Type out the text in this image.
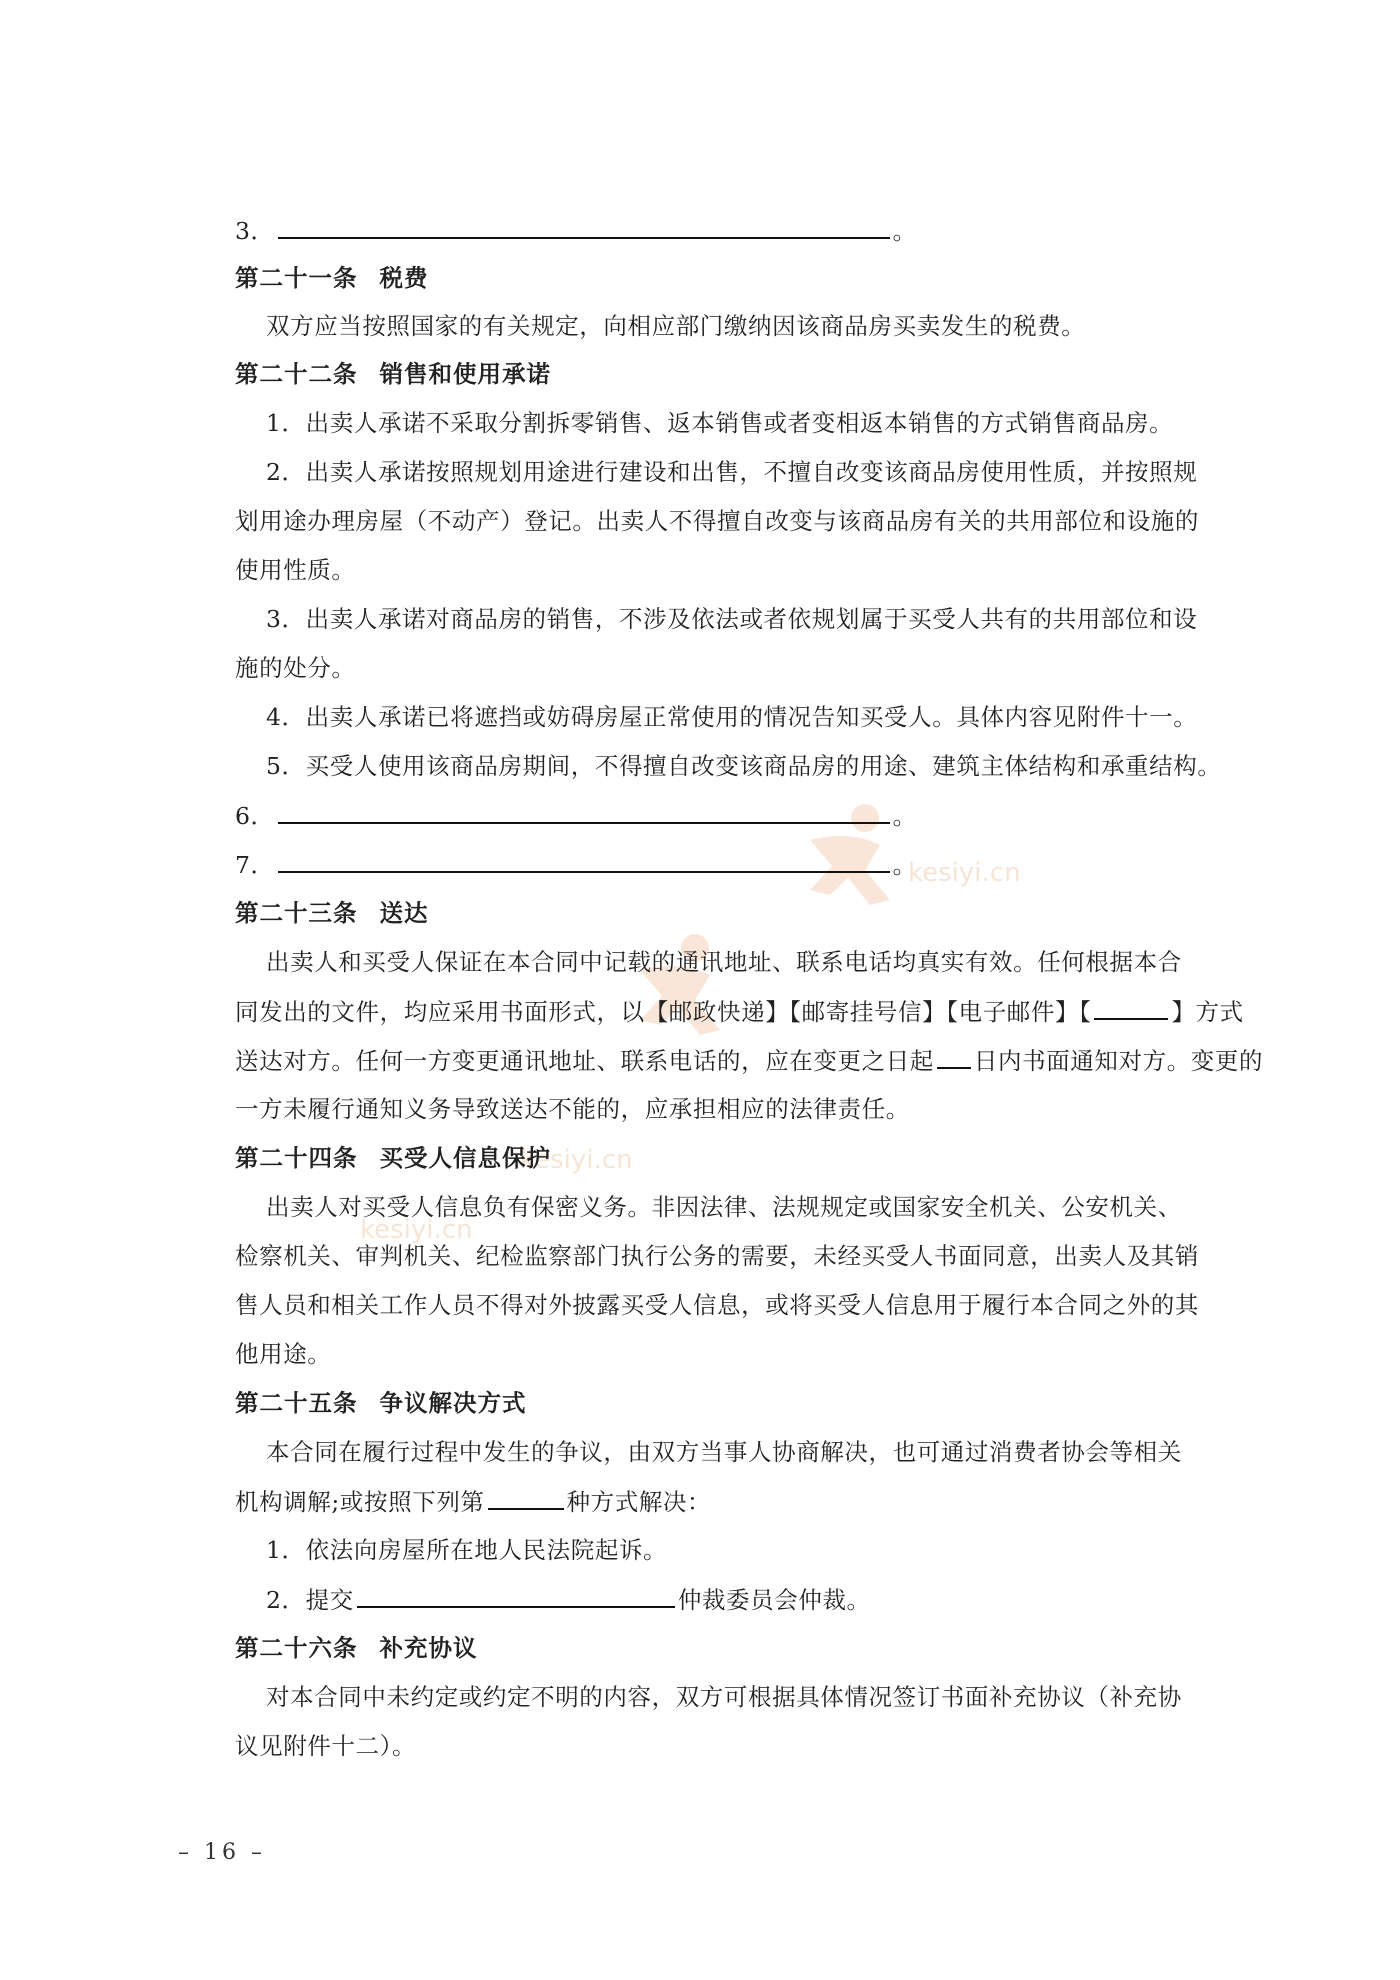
kesiyi.cn
kesiyi.cn
kesiyi.cn
3．	。
第二十一条 税费
双方应当按照国家的有关规定，向相应部门缴纳因该商品房买卖发生的税费。
第二十二条 销售和使用承诺
1．出卖人承诺不采取分割拆零销售、返本销售或者变相返本销售的方式销售商品房。
2．出卖人承诺按照规划用途进行建设和出售，不擅自改变该商品房使用性质，并按照规
划用途办理房屋（不动产）登记。出卖人不得擅自改变与该商品房有关的共用部位和设施的
使用性质。
3．出卖人承诺对商品房的销售，不涉及依法或者依规划属于买受人共有的共用部位和设
施的处分。
4．出卖人承诺已将遮挡或妨碍房屋正常使用的情况告知买受人。具体内容见附件十一。
5．买受人使用该商品房期间，不得擅自改变该商品房的用途、建筑主体结构和承重结构。
6．	。
7．	。
第二十三条 送达
出卖人和买受人保证在本合同中记载的通讯地址、联系电话均真实有效。任何根据本合
同发出的文件，均应采用书面形式，以【邮政快递】【邮寄挂号信】【电子邮件】【	】方式
送达对方。任何一方变更通讯地址、联系电话的，应在变更之日起 日内书面通知对方。变更的
一方未履行通知义务导致送达不能的，应承担相应的法律责任。
第二十四条 买受人信息保护
出卖人对买受人信息负有保密义务。非因法律、法规规定或国家安全机关、公安机关、
检察机关、审判机关、纪检监察部门执行公务的需要，未经买受人书面同意，出卖人及其销
售人员和相关工作人员不得对外披露买受人信息，或将买受人信息用于履行本合同之外的其
他用途。
第二十五条 争议解决方式
本合同在履行过程中发生的争议，由双方当事人协商解决，也可通过消费者协会等相关
机构调解;或按照下列第	种方式解决：
1．依法向房屋所在地人民法院起诉。
2．提交	仲裁委员会仲裁。
第二十六条 补充协议
对本合同中未约定或约定不明的内容，双方可根据具体情况签订书面补充协议（补充协
议见附件十二）。
– 16 –
